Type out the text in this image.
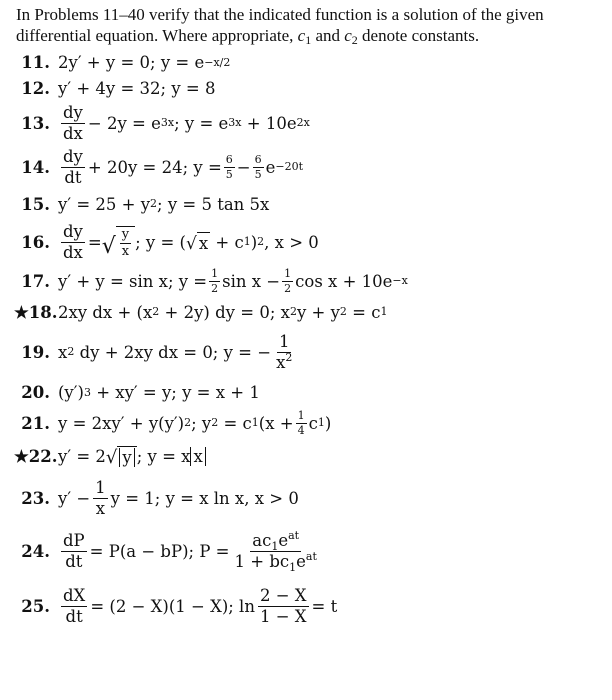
In Problems 11–40 verify that the indicated function is a solution of the given
differential equation. Where appropriate, $c_1$ and $c_2$ denote constants.
11. 2y′ + y = 0; y = e −x/2
12. y′ + 4y = 32; y = 8
13. $\frac{dy}{dx} - 2y = e$ 3x ; y = e 3x
+ 10e 2x
14. $\frac{dy}{dt} + 20y = 24$; $y = \frac{6}{5} - \frac{6}{5}$ e −20t
15. y′ = 25 + y 2 ; y = 5 tan 5x
16. $\frac{dy}{dx}$ = √ $\frac{y}{x}$ ; y = ( √ x
+ c 1 ) 2 , x > 0
17. y′ + y = sin x; $y = \frac{1}{2}$ $\sin x - \frac{1}{2}$ cos x + 10e −x
★18. 2xy dx + (x 2
+ 2y) dy = 0; x 2 y + y 2
= c 1
19. x 2
dy + 2xy dx = 0; y = − $\frac{1}{x^2}$
20. (y′) 3
+ xy′ = y; y = x + 1
21. y = 2xy′ + y(y′) 2 ; y 2
= c 1 ($x + \frac{1}{4}$ c 1 )
★22. y′ = 2 √ y ; y = x x
23. $y' - \frac{1}{x}$ y = 1; y = x ln x, x > 0
24. $\frac{dP}{dt} = P(a - bP)$; $P = \frac{ac_1e^{at}}{1 + bc_1e^{at}}$
25. $\frac{dX}{dt} = (2 - X)(1 - X)$; $\ln \frac{2 - X}{1 - X} = t$
